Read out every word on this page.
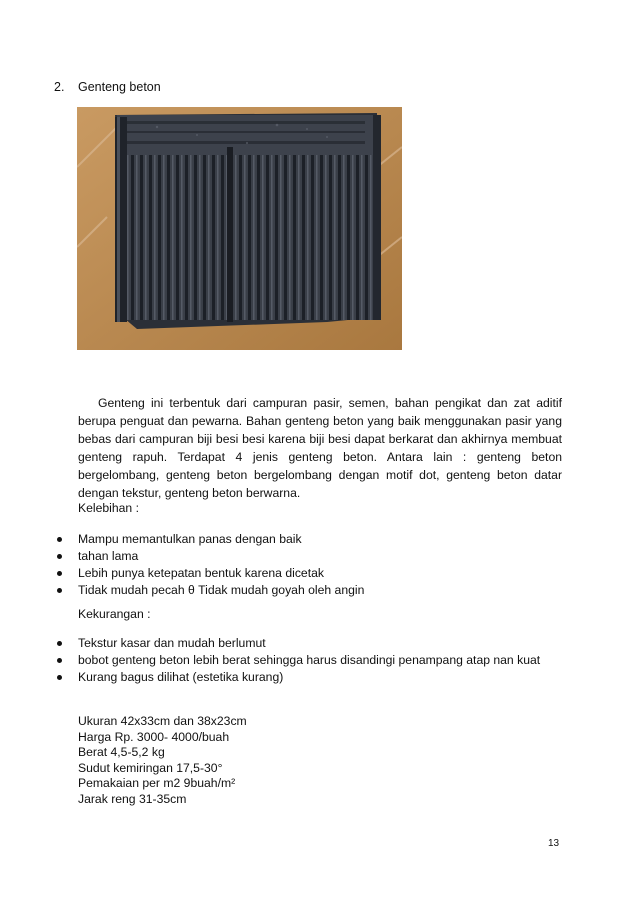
2. Genteng beton
Genteng ini terbentuk dari campuran pasir, semen, bahan pengikat dan zat aditif berupa penguat dan pewarna. Bahan genteng beton yang baik menggunakan pasir yang bebas dari campuran biji besi besi karena biji besi dapat berkarat dan akhirnya membuat genteng rapuh. Terdapat 4 jenis genteng beton. Antara lain : genteng beton bergelombang, genteng beton bergelombang dengan motif dot, genteng beton datar dengan tekstur, genteng beton berwarna.
Kelebihan :
Mampu memantulkan panas dengan baik
tahan lama
Lebih punya ketepatan bentuk karena dicetak
Tidak mudah pecah θ Tidak mudah goyah oleh angin
Kekurangan :
Tekstur kasar dan mudah berlumut
bobot genteng beton lebih berat sehingga harus disandingi penampang atap nan kuat
Kurang bagus dilihat (estetika kurang)
Ukuran 42x33cm dan 38x23cm
Harga Rp. 3000- 4000/buah
Berat 4,5-5,2 kg
Sudut kemiringan 17,5-30°
Pemakaian per m2 9buah/m²
Jarak reng 31-35cm
13
